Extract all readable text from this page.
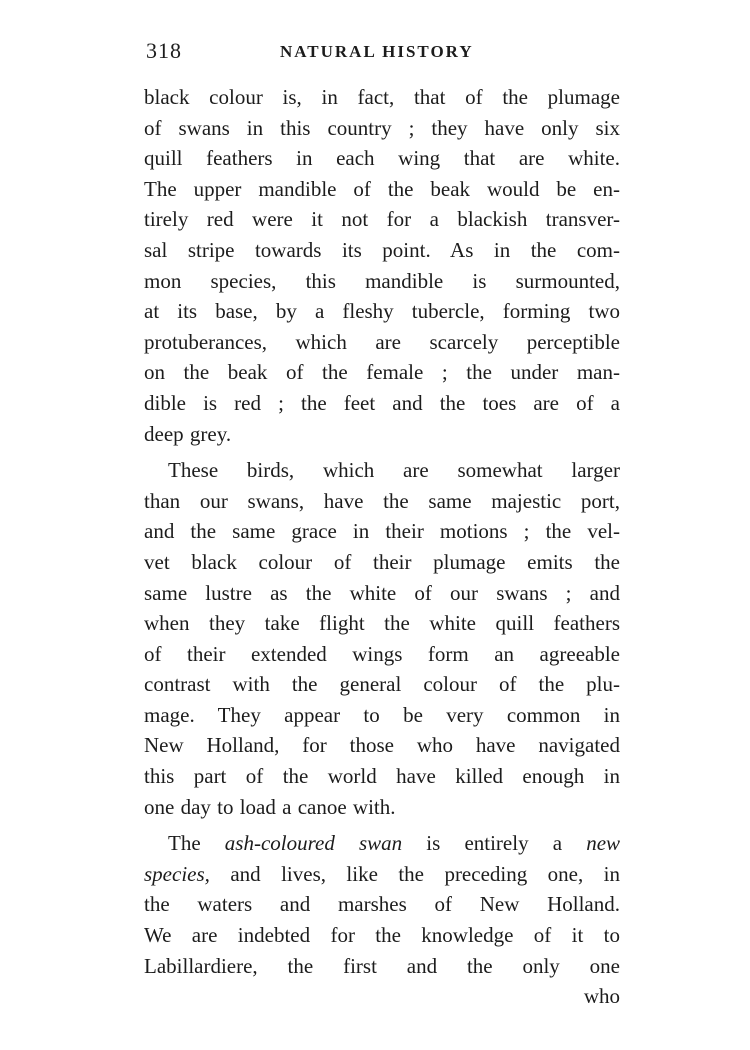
318	NATURAL HISTORY
black colour is, in fact, that of the plumage
of swans in this country ; they have only six
quill feathers in each wing that are white.
The upper mandible of the beak would be en-
tirely red were it not for a blackish transver-
sal stripe towards its point. As in the com-
mon species, this mandible is surmounted,
at its base, by a fleshy tubercle, forming two
protuberances, which are scarcely perceptible
on the beak of the female ; the under man-
dible is red ; the feet and the toes are of a
deep grey.
These birds, which are somewhat larger
than our swans, have the same majestic port,
and the same grace in their motions ; the vel-
vet black colour of their plumage emits the
same lustre as the white of our swans ; and
when they take flight the white quill feathers
of their extended wings form an agreeable
contrast with the general colour of the plu-
mage. They appear to be very common in
New Holland, for those who have navigated
this part of the world have killed enough in
one day to load a canoe with.
The ash-coloured swan is entirely a new
species, and lives, like the preceding one, in
the waters and marshes of New Holland.
We are indebted for the knowledge of it to
Labillardiere, the first and the only one
who
